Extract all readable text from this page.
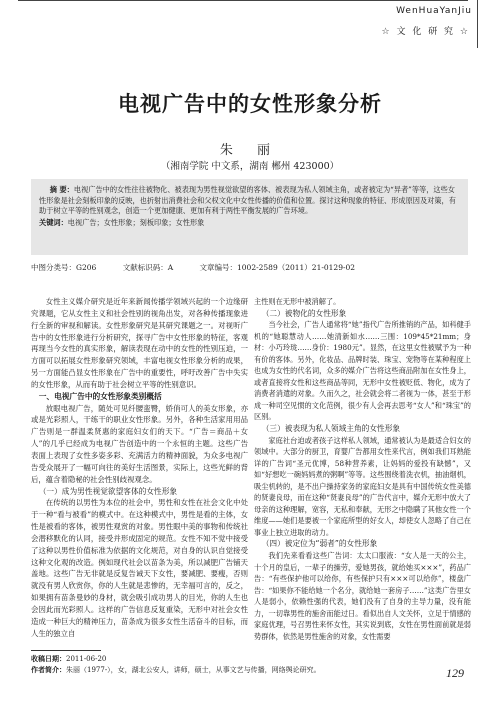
WenHuaYanJiu
☆ 文 化 研 究 ☆
电视广告中的女性形象分析
朱 丽
（湘南学院 中文系，湖南 郴州 423000）
摘 要：电视广告中的女性往往被物化、被表现为男性视觉欲望的客体、被表现为私人领域主角，或者被定为“异者”等等，这些女性形象是社会刻板印象的反映，也折射出消费社会和父权文化中女性传播的价值和位置。探讨这种现象的特征、形成原因及对策，有助于树立平等的性别观念，创造一个更加健康、更加有利于两性平衡发展的广告环境。
关键词：电视广告；女性形象；刻板印象；女性形象
中图分类号：G206	文献标识码：A	文章编号：1002-2589（2011）21-0129-02

女性主义媒介研究是近年来新闻传播学领域兴起的一个边缘研究课题，它从女性主义和社会性别的视角出发，对各种传播现象进行全新的审视和解读。女性形象研究是其研究课题之一。对视听广告中的女性形象进行分析研究，探寻广告中女性形象的特征，客观再现当今女性的真实形象，解读表现在动中的女性的性别压迫，一方面可以拓展女性形象研究领域，丰富电视女性形象分析的成果，另一方面能凸显女性形象在广告中的重要性，呼吁改善广告中失实的女性形象，从而有助于社会树立平等的性别意识。

一、电视广告中的女性形象类别概括

放眼电视广告，随处可见纤腰蛮臀，娇俏可人的美女形象，亦或是光彩照人，干练干的职业女性形象。另外，各种生活家用用品广告则是一群温柔贤惠的家庭妇女们的天下。“广告＝商品＋女人”的几乎已经成为电视广告创造中的一个永恒的主题。这些广告表面上表现了女性多姿多彩、充满活力的精神面貌，为众多电视广告受众展开了一幅可向往的美好生活图景，实际上，这些光鲜的背后，蕴含着隐秘的社会性别歧视观念。

（一）成为男性视觉欲望客体的女性形象

在传统的以男性为本位的社会中，男性和女性在社会文化中处于一种“看与被看”的模式中。在这种模式中，男性是看的主体，女性是被看的客体，被男性观赏的对象。男性眼中美的事物和传统社会潜移默化的认同，接受并形成固定的规范。女性不知不觉中接受了这种以男性价值标准为依据的文化规范，对自身的认识自觉接受这种文化观的改造。例如现代社会以苗条为美，所以减肥广告铺天盖地。这些广告无非就是反复告诫天下女性，要减肥、要瘦，否则就没有男人欣赏你，你的人生就是悲惨的，无幸福可言的，反之，如果拥有苗条曼妙的身材，就会吸引成功男人的目光，你的人生也会因此而光彩照人。这样的广告信息反复重染，无形中对社会女性造成一种巨大的精神压力，苗条成为很多女性生活奋斗的目标，而人生的独立自

主性则在无形中被消解了。

（二）被物化的女性形象

当今社会，广告人通常将“她”指代广告所推销的产品，如科健手机的“她聪慧动人……她清新如水……三围：109*45*21mm；身材：小巧玲珑……身价：1980元”。显然，在这里女性被赋予为一种有价的客体。另外，化妆品、品牌时装、珠宝、宠物等在某种程度上也成为女性的代名词，众多的媒介广告将这些商品附加在女性身上，或者直接将女性和这些商品等同，无形中女性被贬低、物化，成为了消费者消遣的对象。久而久之，社会就会将二者视为一体，甚至于形成一种司空见惯的文化范例，很少有人会再去思考“女人”和“珠宝”的区别。

（三）被表现为私人领域主角的女性形象

家庭社台迫或者孩子这样私人领域，通常被认为是最适合妇女的领域中。大部分的厨卫，育婴广告都用女性来代言，例如我们耳熟能详的广告词“圣元优博，58种营养素，让妈妈的爱投有缺憾”，又如“好想吃一碗妈妈煮的粥啊”等等。这些围绕着洗衣机，抽油烟机，吸尘机转的，是不出户操持家务的家庭妇女是具有中国传统女性美德的贤妻良母，而在这种“贤妻良母”的广告代言中，媒介无形中放大了母亲的这种理解，宽容，无私和奉献，无形之中隐瞒了其他女性一个维度——她们是要被一个家庭所型的好女人，却使女人忽略了自己在事业上独立进取的动力。

（四）被定位为“弱者”的女性形象

我们先来看看这些广告词：太太口服液：“女人是一天的公主，十个月的皇后，一辈子的操劳，爱她男孩，就给她买×××”，药品广告：“有些保护他可以给你，有些保护只有×××可以给你”，楼盘广告：“如果你不能给她一个名分，就给她一套房子……”这类广告里女人是弱小，依赖性强的代表，她们没有了自身的主导力量，没有能力，一切靠男性的施舍而能过日。看似出自人文关怀，立足于情感的家庭优理，号召男性来怀女性，其实说到底，女性在男性面前就是弱势群体，依然是男性施舍的对象，女性需要

收稿日期：2011-06-20
作者简介：朱丽（1977-），女，湖北公安人，讲师，硕士，从事文艺与传播，网络舆论研究。	129
